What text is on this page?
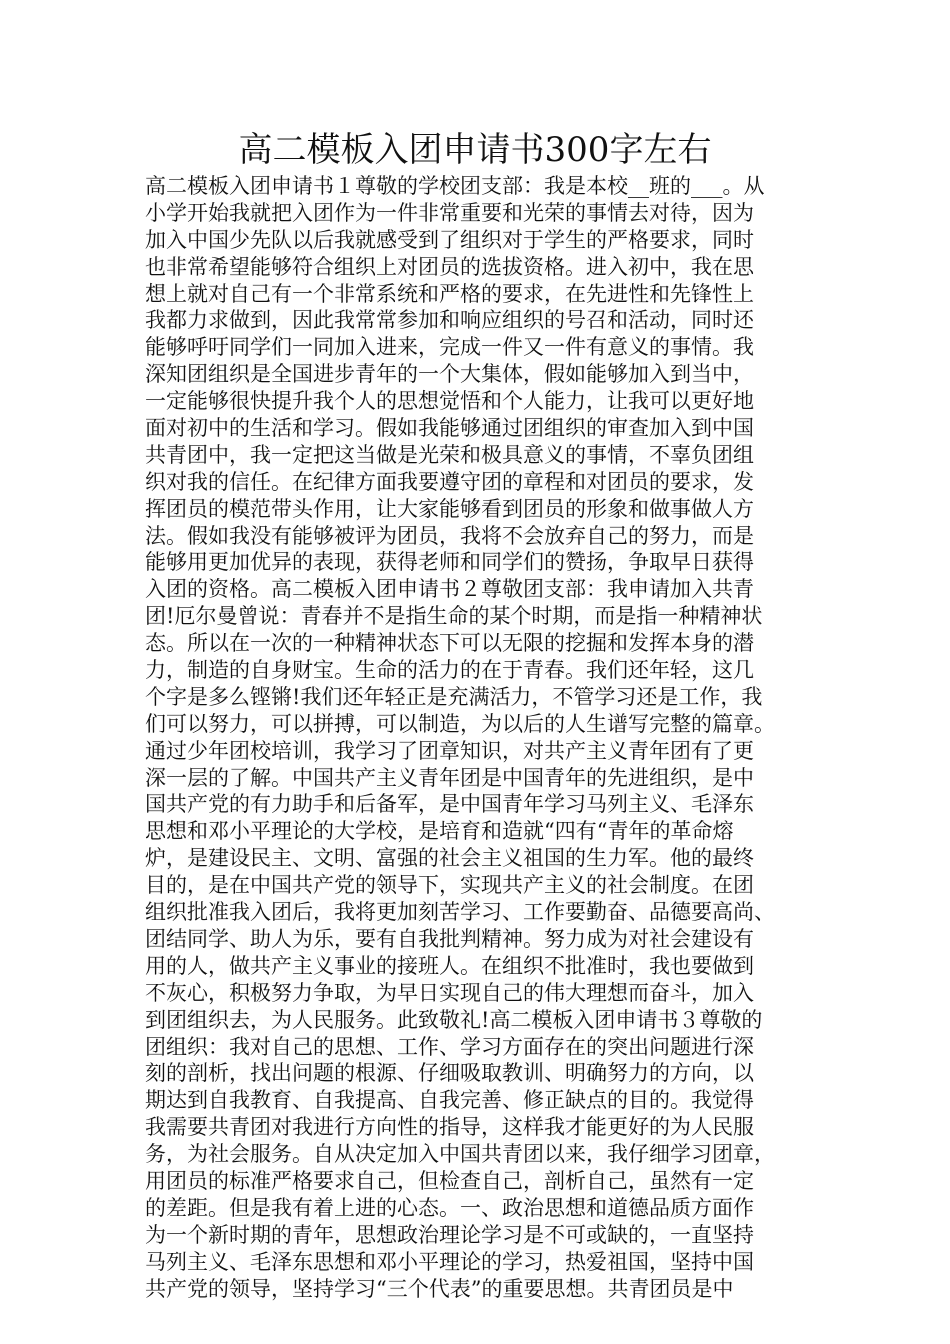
高二模板入团申请书300字左右
高二模板入团申请书１尊敬的学校团支部：我是本校__班的___。从
小学开始我就把入团作为一件非常重要和光荣的事情去对待，因为
加入中国少先队以后我就感受到了组织对于学生的严格要求，同时
也非常希望能够符合组织上对团员的选拔资格。进入初中，我在思
想上就对自己有一个非常系统和严格的要求，在先进性和先锋性上
我都力求做到，因此我常常参加和响应组织的号召和活动，同时还
能够呼吁同学们一同加入进来，完成一件又一件有意义的事情。我
深知团组织是全国进步青年的一个大集体，假如能够加入到当中，
一定能够很快提升我个人的思想觉悟和个人能力，让我可以更好地
面对初中的生活和学习。假如我能够通过团组织的审查加入到中国
共青团中，我一定把这当做是光荣和极具意义的事情，不辜负团组
织对我的信任。在纪律方面我要遵守团的章程和对团员的要求，发
挥团员的模范带头作用，让大家能够看到团员的形象和做事做人方
法。假如我没有能够被评为团员，我将不会放弃自己的努力，而是
能够用更加优异的表现，获得老师和同学们的赞扬，争取早日获得
入团的资格。高二模板入团申请书２尊敬团支部：我申请加入共青
团!厄尔曼曾说：青春并不是指生命的某个时期，而是指一种精神状
态。所以在一次的一种精神状态下可以无限的挖掘和发挥本身的潜
力，制造的自身财宝。生命的活力的在于青春。我们还年轻，这几
个字是多么铿锵!我们还年轻正是充满活力，不管学习还是工作，我
们可以努力，可以拼搏，可以制造，为以后的人生谱写完整的篇章。
通过少年团校培训，我学习了团章知识，对共产主义青年团有了更
深一层的了解。中国共产主义青年团是中国青年的先进组织，是中
国共产党的有力助手和后备军，是中国青年学习马列主义、毛泽东
思想和邓小平理论的大学校，是培育和造就“四有“青年的革命熔
炉，是建设民主、文明、富强的社会主义祖国的生力军。他的最终
目的，是在中国共产党的领导下，实现共产主义的社会制度。在团
组织批准我入团后，我将更加刻苦学习、工作要勤奋、品德要高尚、
团结同学、助人为乐，要有自我批判精神。努力成为对社会建设有
用的人，做共产主义事业的接班人。在组织不批准时，我也要做到
不灰心，积极努力争取，为早日实现自己的伟大理想而奋斗，加入
到团组织去，为人民服务。此致敬礼!高二模板入团申请书３尊敬的
团组织：我对自己的思想、工作、学习方面存在的突出问题进行深
刻的剖析，找出问题的根源、仔细吸取教训、明确努力的方向，以
期达到自我教育、自我提高、自我完善、修正缺点的目的。我觉得
我需要共青团对我进行方向性的指导，这样我才能更好的为人民服
务，为社会服务。自从决定加入中国共青团以来，我仔细学习团章，
用团员的标准严格要求自己，但检查自己，剖析自己，虽然有一定
的差距。但是我有着上进的心态。一、政治思想和道德品质方面作
为一个新时期的青年，思想政治理论学习是不可或缺的，一直坚持
马列主义、毛泽东思想和邓小平理论的学习，热爱祖国，坚持中国
共产党的领导，坚持学习“三个代表”的重要思想。共青团员是中
